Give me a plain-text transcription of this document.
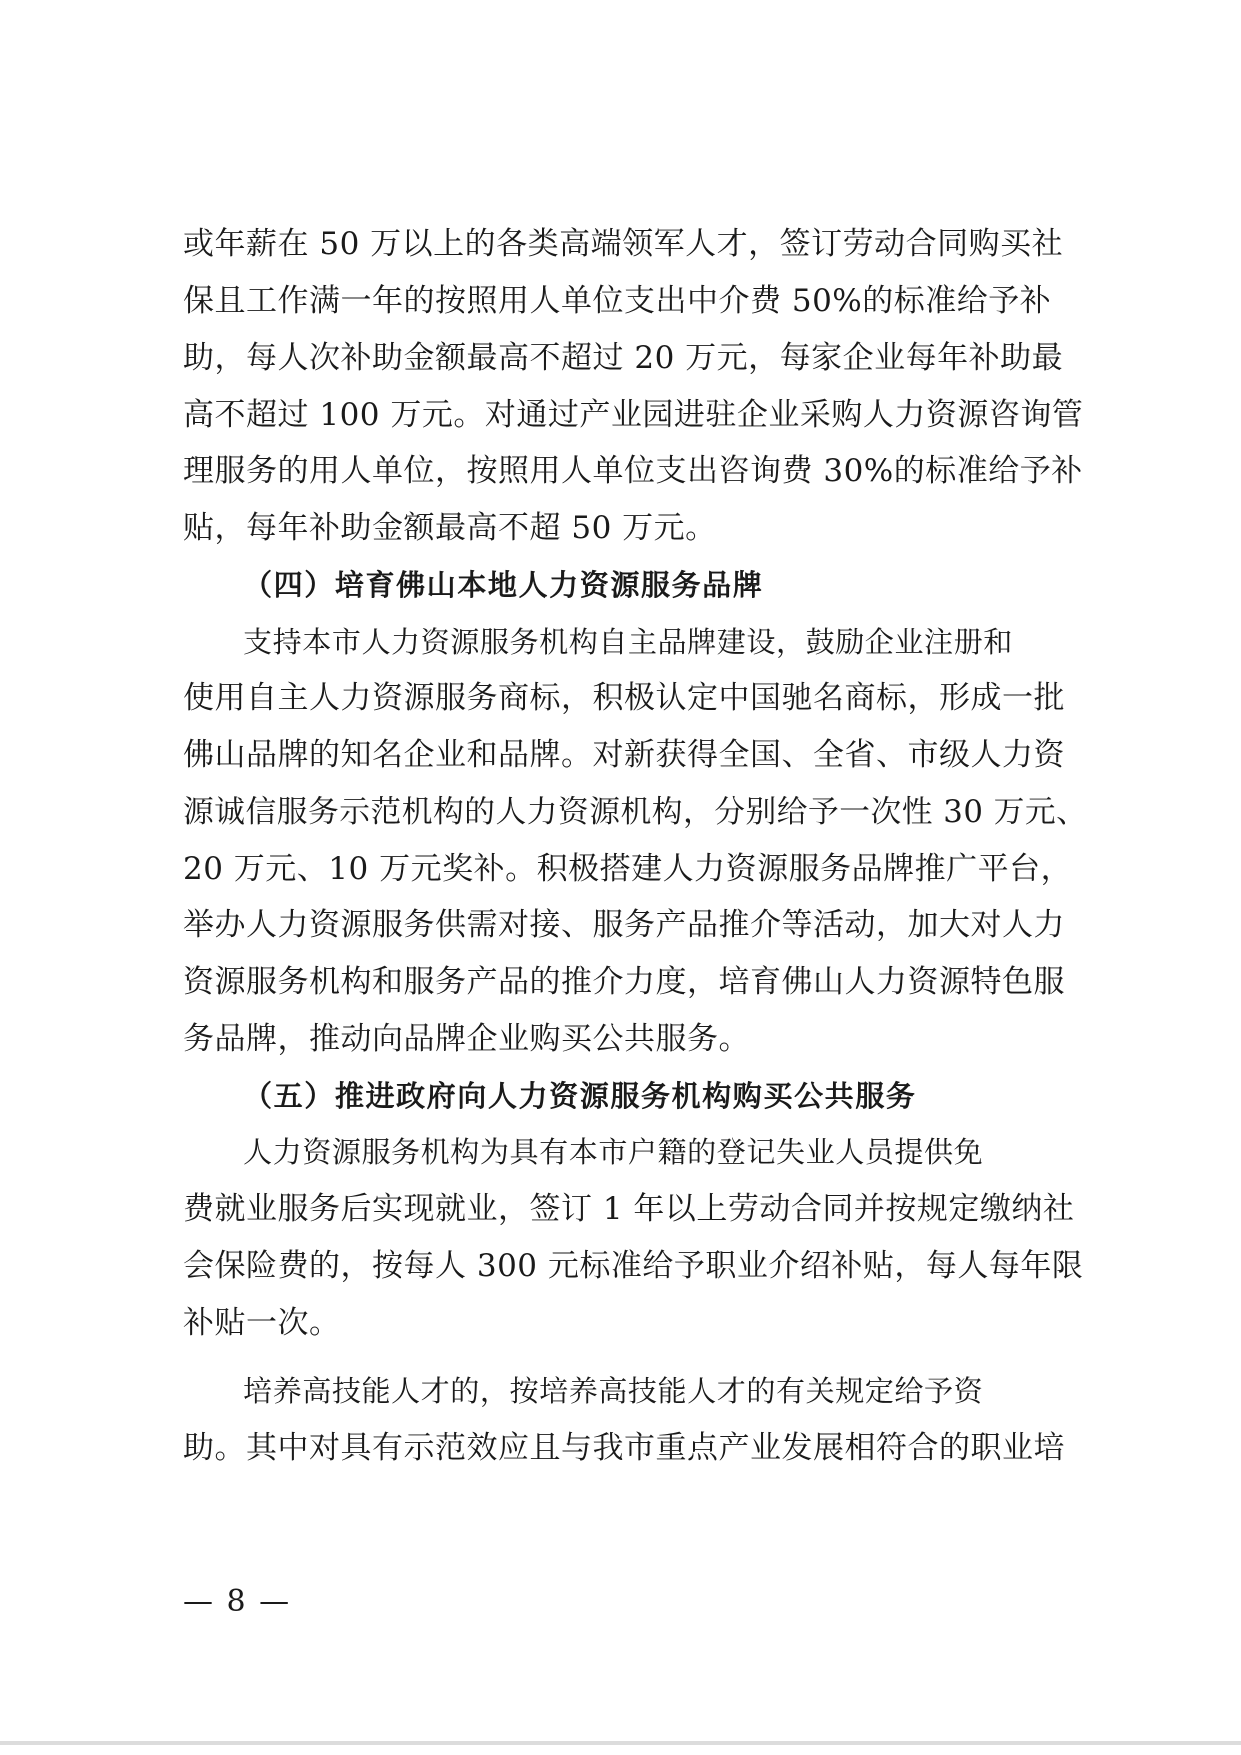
或年薪在 50 万以上的各类高端领军人才，签订劳动合同购买社
保且工作满一年的按照用人单位支出中介费 50%的标准给予补
助，每人次补助金额最高不超过 20 万元，每家企业每年补助最
高不超过 100 万元。对通过产业园进驻企业采购人力资源咨询管
理服务的用人单位，按照用人单位支出咨询费 30%的标准给予补
贴，每年补助金额最高不超 50 万元。
（四）培育佛山本地人力资源服务品牌
支持本市人力资源服务机构自主品牌建设，鼓励企业注册和
使用自主人力资源服务商标，积极认定中国驰名商标，形成一批
佛山品牌的知名企业和品牌。对新获得全国、全省、市级人力资
源诚信服务示范机构的人力资源机构，分别给予一次性 30 万元、
20 万元、10 万元奖补。积极搭建人力资源服务品牌推广平台，
举办人力资源服务供需对接、服务产品推介等活动，加大对人力
资源服务机构和服务产品的推介力度，培育佛山人力资源特色服
务品牌，推动向品牌企业购买公共服务。
（五）推进政府向人力资源服务机构购买公共服务
人力资源服务机构为具有本市户籍的登记失业人员提供免
费就业服务后实现就业，签订 1 年以上劳动合同并按规定缴纳社
会保险费的，按每人 300 元标准给予职业介绍补贴，每人每年限
补贴一次。
培养高技能人才的，按培养高技能人才的有关规定给予资
助。其中对具有示范效应且与我市重点产业发展相符合的职业培
— 8 —
